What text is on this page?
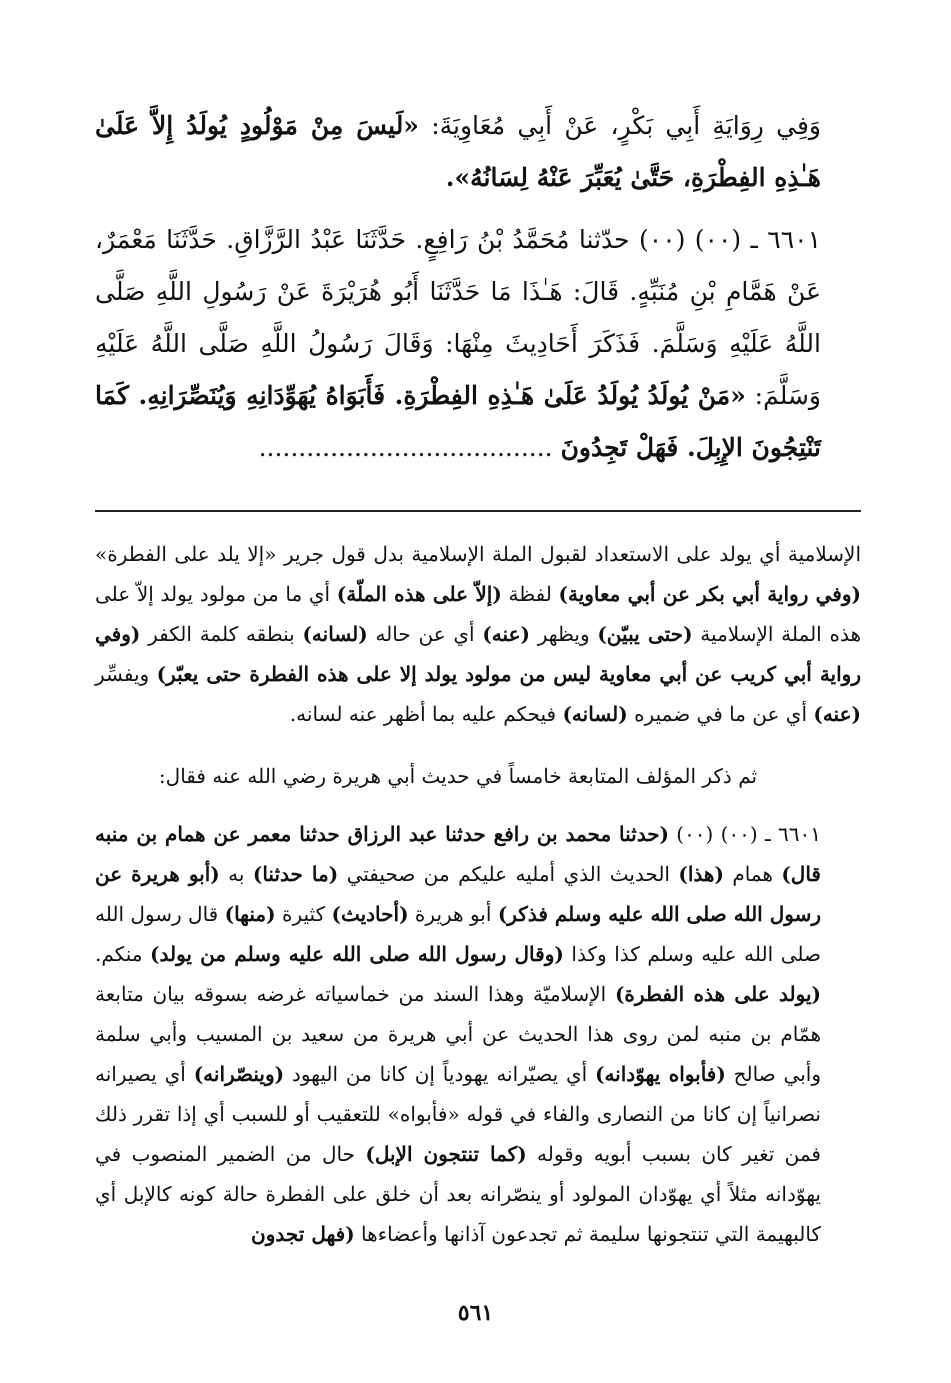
وَفِي رِوَايَةِ أَبِي بَكْرٍ، عَنْ أَبِي مُعَاوِيَةَ: «لَيسَ مِنْ مَوْلُودٍ يُولَدُ إِلاَّ عَلَىٰ هَـٰذِهِ الفِطْرَةِ، حَتَّىٰ يُعَبِّرَ عَنْهُ لِسَانُهُ».

٦٦٠١ ـ (٠٠) (٠٠) حدّثنا مُحَمَّدُ بْنُ رَافِعٍ. حَدَّثَنَا عَبْدُ الرَّزَّاقِ. حَدَّثَنَا مَعْمَرٌ، عَنْ هَمَّامِ بْنِ مُنَبِّهٍ. قَالَ: هَـٰذَا مَا حَدَّثَنَا أَبُو هُرَيْرَةَ عَنْ رَسُولِ اللَّهِ صَلَّى اللَّهُ عَلَيْهِ وَسَلَّمَ. فَذَكَرَ أَحَادِيثَ مِنْهَا: وَقَالَ رَسُولُ اللَّهِ صَلَّى اللَّهُ عَلَيْهِ وَسَلَّمَ: «مَنْ يُولَدُ يُولَدُ عَلَىٰ هَـٰذِهِ الفِطْرَةِ. فَأَبَوَاهُ يُهَوِّدَانِهِ وَيُنَصِّرَانِهِ. كَمَا تَنْتِجُونَ الإِبِلَ. فَهَلْ تَجِدُونَ .....................................

الإسلامية أي يولد على الاستعداد لقبول الملة الإسلامية بدل قول جرير «إلا يلد على الفطرة» (وفي رواية أبي بكر عن أبي معاوية) لفظة (إلاّ على هذه الملّة) أي ما من مولود يولد إلاّ على هذه الملة الإسلامية (حتى يبيّن) ويظهر (عنه) أي عن حاله (لسانه) بنطقه كلمة الكفر (وفي رواية أبي كريب عن أبي معاوية ليس من مولود يولد إلا على هذه الفطرة حتى يعبّر) ويفسِّر (عنه) أي عن ما في ضميره (لسانه) فيحكم عليه بما أظهر عنه لسانه.

ثم ذكر المؤلف المتابعة خامساً في حديث أبي هريرة رضي الله عنه فقال:

٦٦٠١ ـ (٠٠) (٠٠) (حدثنا محمد بن رافع حدثنا عبد الرزاق حدثنا معمر عن همام بن منبه قال) همام (هذا) الحديث الذي أمليه عليكم من صحيفتي (ما حدثنا) به (أبو هريرة عن رسول الله صلى الله عليه وسلم فذكر) أبو هريرة (أحاديث) كثيرة (منها) قال رسول الله صلى الله عليه وسلم كذا وكذا (وقال رسول الله صلى الله عليه وسلم من يولد) منكم. (يولد على هذه الفطرة) الإسلاميّة وهذا السند من خماسياته غرضه بسوقه بيان متابعة همّام بن منبه لمن روى هذا الحديث عن أبي هريرة من سعيد بن المسيب وأبي سلمة وأبي صالح (فأبواه يهوّدانه) أي يصيّرانه يهودياً إن كانا من اليهود (وينصّرانه) أي يصيرانه نصرانياً إن كانا من النصارى والفاء في قوله «فأبواه» للتعقيب أو للسبب أي إذا تقرر ذلك فمن تغير كان بسبب أبويه وقوله (كما تنتجون الإبل) حال من الضمير المنصوب في يهوّدانه مثلاً أي يهوّدان المولود أو ينصّرانه بعد أن خلق على الفطرة حالة كونه كالإبل أي كالبهيمة التي تنتجونها سليمة ثم تجدعون آذانها وأعضاءها (فهل تجدون

٥٦١
